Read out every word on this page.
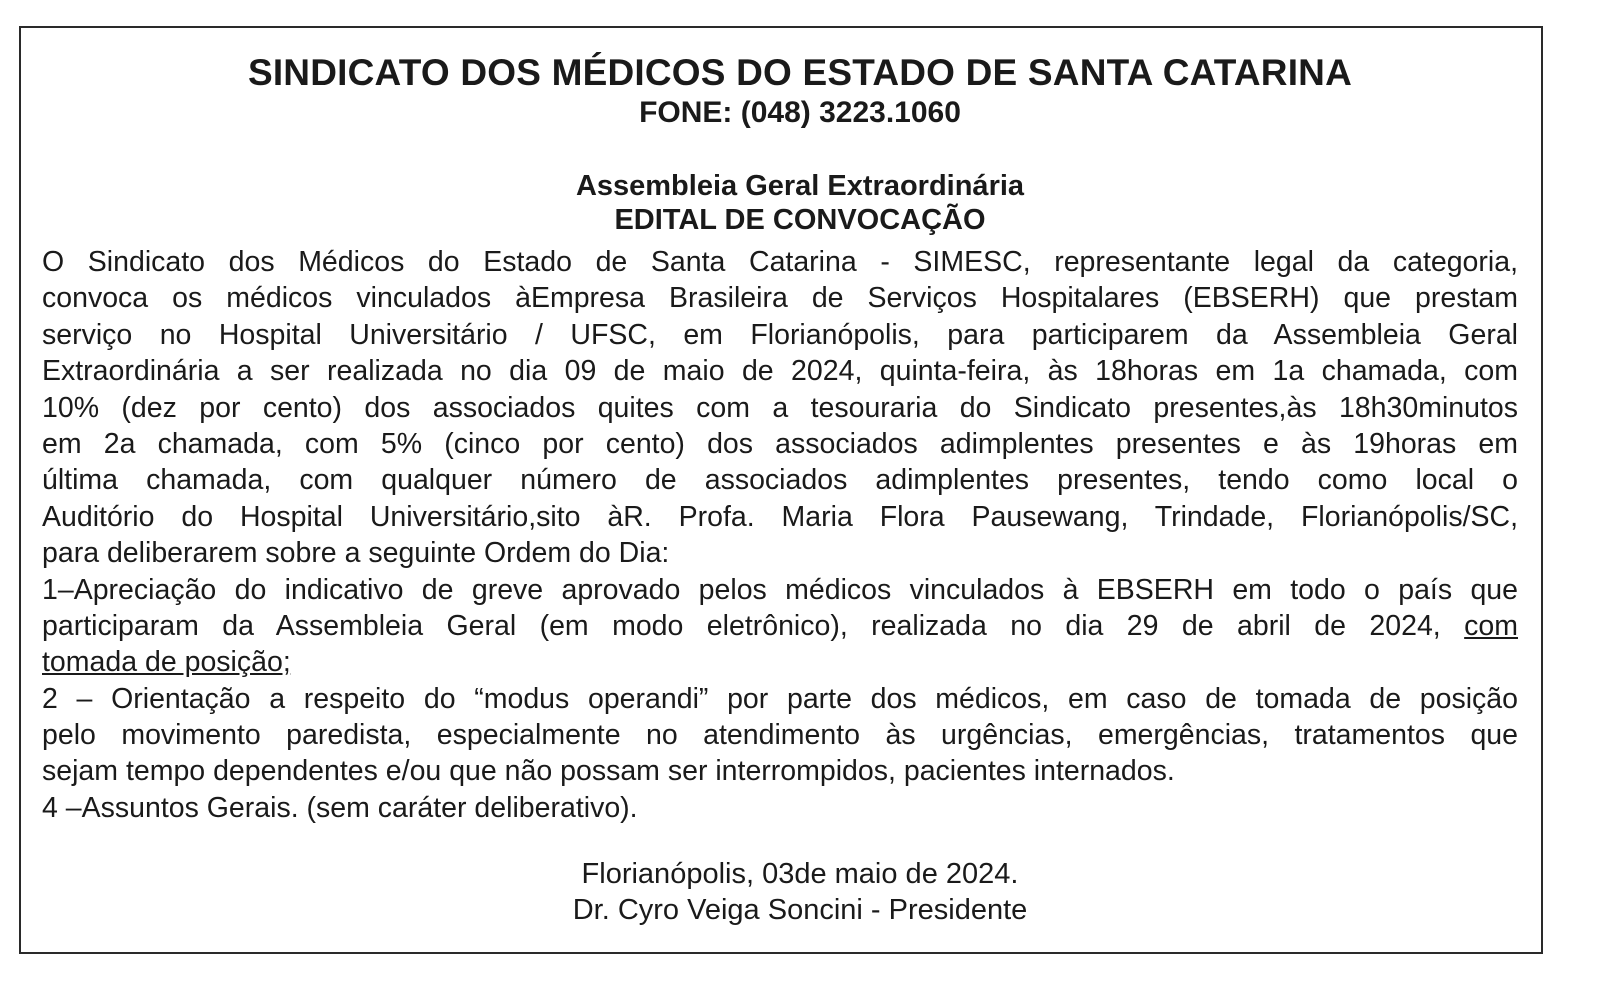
SINDICATO DOS MÉDICOS DO ESTADO DE SANTA CATARINA
FONE: (048) 3223.1060
Assembleia Geral Extraordinária
EDITAL DE CONVOCAÇÃO
O Sindicato dos Médicos do Estado de Santa Catarina - SIMESC, representante legal da categoria,
convoca os médicos vinculados àEmpresa Brasileira de Serviços Hospitalares (EBSERH) que prestam
serviço no Hospital Universitário / UFSC, em Florianópolis, para participarem da Assembleia Geral
Extraordinária a ser realizada no dia 09 de maio de 2024, quinta-feira, às 18horas em 1a chamada, com
10% (dez por cento) dos associados quites com a tesouraria do Sindicato presentes,às 18h30minutos
em 2a chamada, com 5% (cinco por cento) dos associados adimplentes presentes e às 19horas em
última chamada, com qualquer número de associados adimplentes presentes, tendo como local o
Auditório do Hospital Universitário,sito àR. Profa. Maria Flora Pausewang, Trindade, Florianópolis/SC,
para deliberarem sobre a seguinte Ordem do Dia:
1–Apreciação do indicativo de greve aprovado pelos médicos vinculados à EBSERH em todo o país que
participaram da Assembleia Geral (em modo eletrônico), realizada no dia 29 de abril de 2024, com
tomada de posição;
2 – Orientação a respeito do “modus operandi” por parte dos médicos, em caso de tomada de posição
pelo movimento paredista, especialmente no atendimento às urgências, emergências, tratamentos que
sejam tempo dependentes e/ou que não possam ser interrompidos, pacientes internados.
4 –Assuntos Gerais. (sem caráter deliberativo).
Florianópolis, 03de maio de 2024.
Dr. Cyro Veiga Soncini - Presidente
